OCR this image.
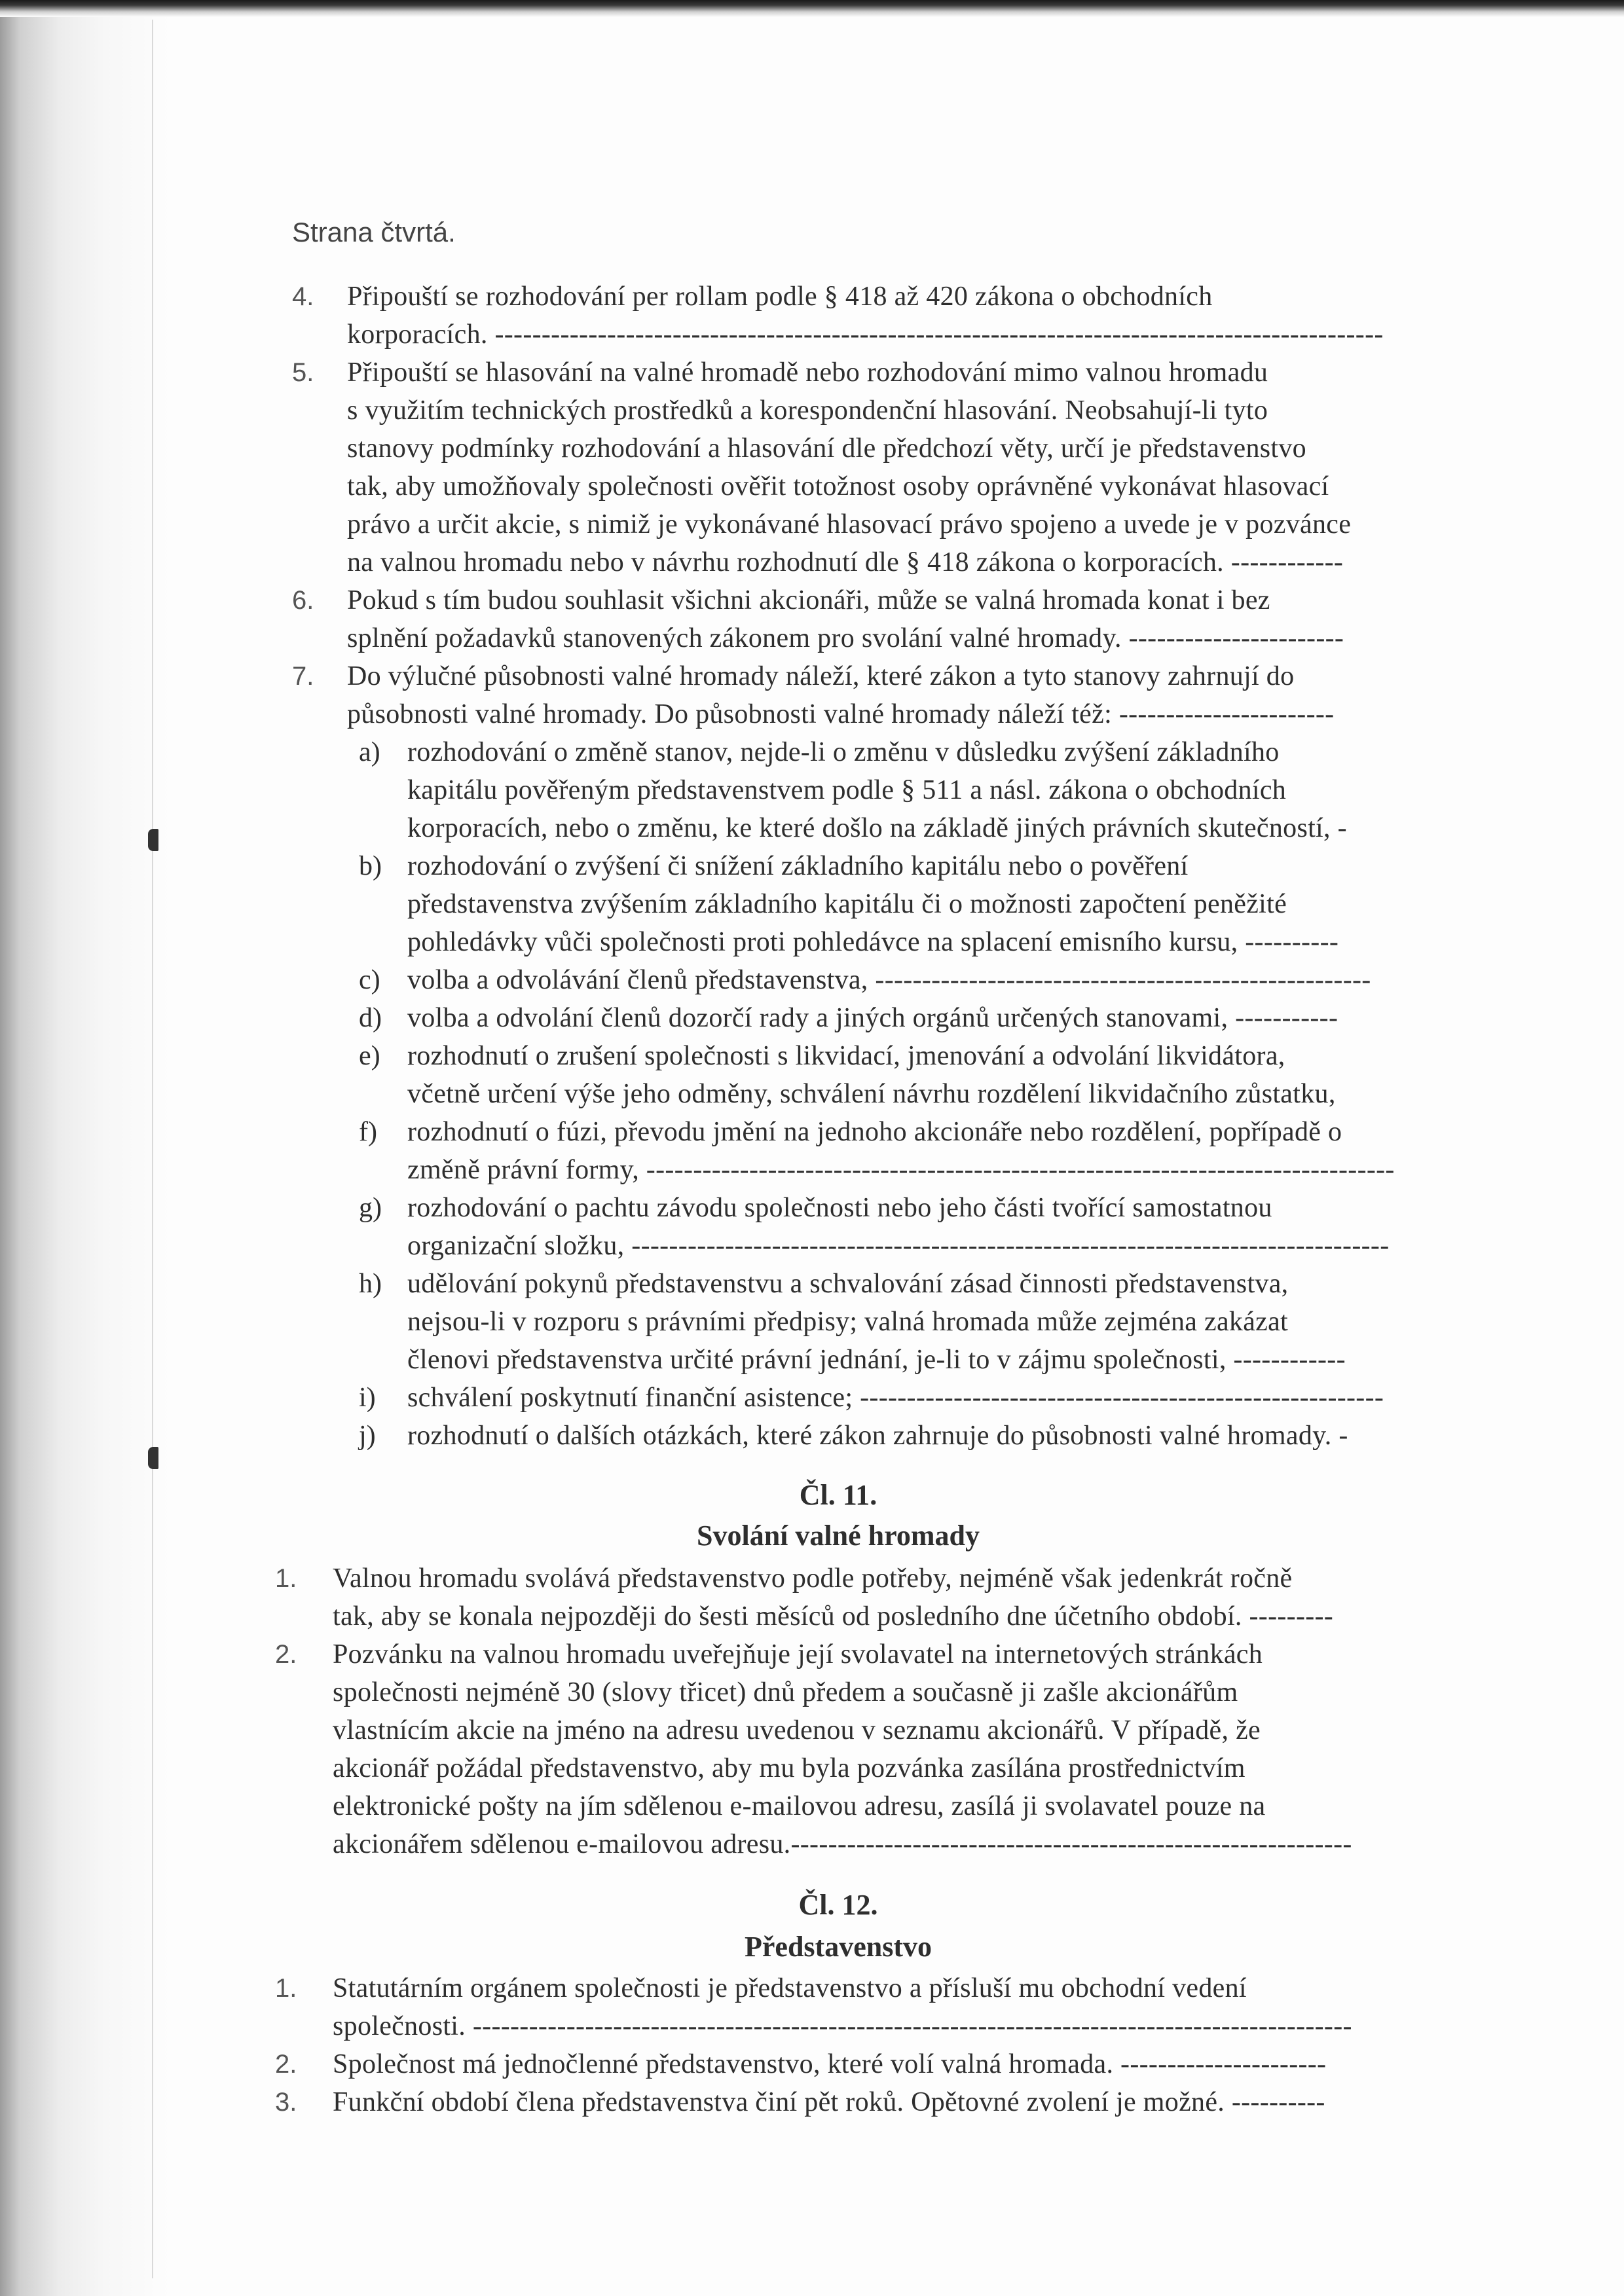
Strana čtvrtá.
4. Připouští se rozhodování per rollam podle § 418 až 420 zákona o obchodních
korporacích. -----------------------------------------------------------------------------------------------
5. Připouští se hlasování na valné hromadě nebo rozhodování mimo valnou hromadu
s využitím technických prostředků a korespondenční hlasování. Neobsahují-li tyto
stanovy podmínky rozhodování a hlasování dle předchozí věty, určí je představenstvo
tak, aby umožňovaly společnosti ověřit totožnost osoby oprávněné vykonávat hlasovací
právo a určit akcie, s nimiž je vykonávané hlasovací právo spojeno a uvede je v pozvánce
na valnou hromadu nebo v návrhu rozhodnutí dle § 418 zákona o korporacích. ------------
6. Pokud s tím budou souhlasit všichni akcionáři, může se valná hromada konat i bez
splnění požadavků stanovených zákonem pro svolání valné hromady. -----------------------
7. Do výlučné působnosti valné hromady náleží, které zákon a tyto stanovy zahrnují do
působnosti valné hromady. Do působnosti valné hromady náleží též: -----------------------
a) rozhodování o změně stanov, nejde-li o změnu v důsledku zvýšení základního
kapitálu pověřeným představenstvem podle § 511 a násl. zákona o obchodních
korporacích, nebo o změnu, ke které došlo na základě jiných právních skutečností, -
b) rozhodování o zvýšení či snížení základního kapitálu nebo o pověření
představenstva zvýšením základního kapitálu či o možnosti započtení peněžité
pohledávky vůči společnosti proti pohledávce na splacení emisního kursu, ----------
c) volba a odvolávání členů představenstva, -----------------------------------------------------
d) volba a odvolání členů dozorčí rady a jiných orgánů určených stanovami, -----------
e) rozhodnutí o zrušení společnosti s likvidací, jmenování a odvolání likvidátora,
včetně určení výše jeho odměny, schválení návrhu rozdělení likvidačního zůstatku,
f) rozhodnutí o fúzi, převodu jmění na jednoho akcionáře nebo rozdělení, popřípadě o
změně právní formy, --------------------------------------------------------------------------------
g) rozhodování o pachtu závodu společnosti nebo jeho části tvořící samostatnou
organizační složku, ---------------------------------------------------------------------------------
h) udělování pokynů představenstvu a schvalování zásad činnosti představenstva,
nejsou-li v rozporu s právními předpisy; valná hromada může zejména zakázat
členovi představenstva určité právní jednání, je-li to v zájmu společnosti, ------------
i) schválení poskytnutí finanční asistence; --------------------------------------------------------
j) rozhodnutí o dalších otázkách, které zákon zahrnuje do působnosti valné hromady. -
Čl. 11.
Svolání valné hromady
1. Valnou hromadu svolává představenstvo podle potřeby, nejméně však jedenkrát ročně
tak, aby se konala nejpozději do šesti měsíců od posledního dne účetního období. ---------
2. Pozvánku na valnou hromadu uveřejňuje její svolavatel na internetových stránkách
společnosti nejméně 30 (slovy třicet) dnů předem a současně ji zašle akcionářům
vlastnícím akcie na jméno na adresu uvedenou v seznamu akcionářů. V případě, že
akcionář požádal představenstvo, aby mu byla pozvánka zasílána prostřednictvím
elektronické pošty na jím sdělenou e-mailovou adresu, zasílá ji svolavatel pouze na
akcionářem sdělenou e-mailovou adresu.------------------------------------------------------------
Čl. 12.
Představenstvo
1. Statutárním orgánem společnosti je představenstvo a přísluší mu obchodní vedení
společnosti. ----------------------------------------------------------------------------------------------
2. Společnost má jednočlenné představenstvo, které volí valná hromada. ----------------------
3. Funkční období člena představenstva činí pět roků. Opětovné zvolení je možné. ----------
